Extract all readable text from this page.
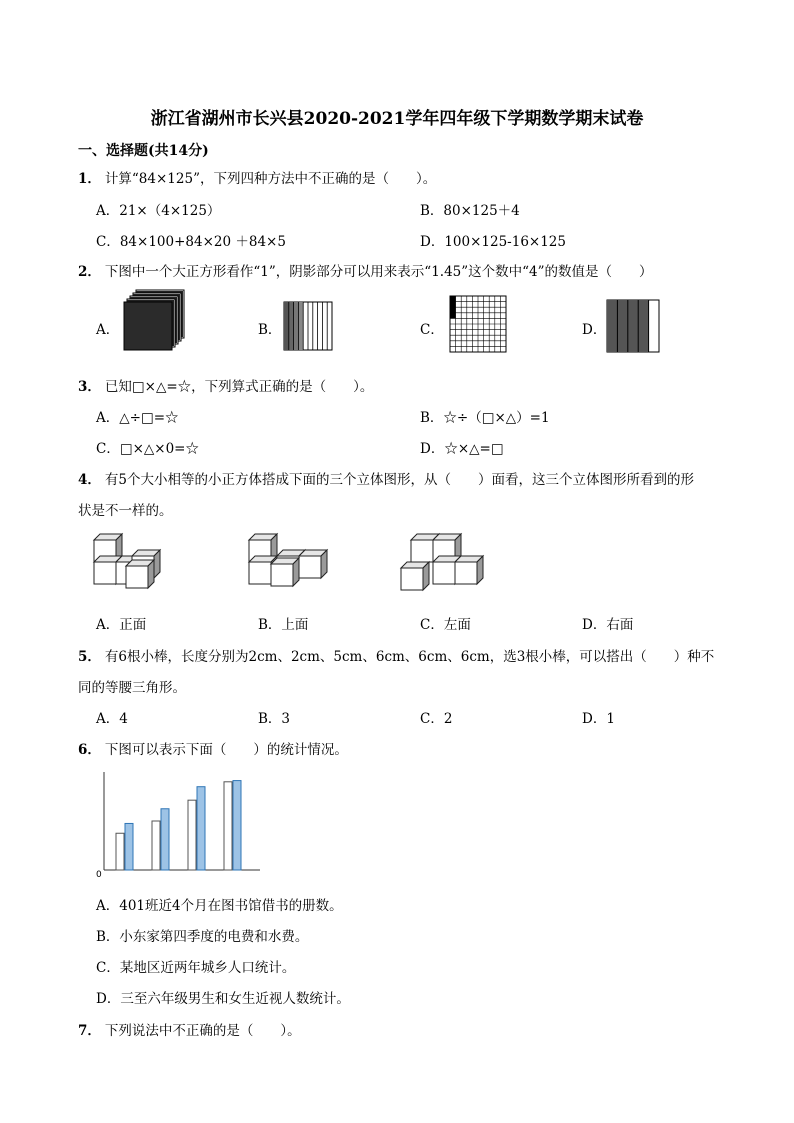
浙江省湖州市长兴县2020-2021学年四年级下学期数学期末试卷
一、选择题(共14分)
1． 计算“84×125”，下列四种方法中不正确的是（　　）。
A．21×（4×125）	B．80×125＋4
C．84×100+84×20 ＋84×5	D．100×125-16×125
2． 下图中一个大正方形看作“1”，阴影部分可以用来表示“1.45”这个数中“4”的数值是（　　）
A．	B．	C．	D．
3． 已知□×△=☆，下列算式正确的是（　　）。
A．△÷□=☆	B．☆÷（□×△）=1
C．□×△×0=☆	D．☆×△=□
4． 有5个大小相等的小正方体搭成下面的三个立体图形，从（　　）面看，这三个立体图形所看到的形
状是不一样的。
A．正面	B．上面	C．左面	D．右面
5． 有6根小棒，长度分别为2cm、2cm、5cm、6cm、6cm、6cm，选3根小棒，可以搭出（　　）种不
同的等腰三角形。
A．4	B．3	C．2	D．1
6． 下图可以表示下面（　　）的统计情况。
0
A．401班近4个月在图书馆借书的册数。
B．小东家第四季度的电费和水费。
C．某地区近两年城乡人口统计。
D．三至六年级男生和女生近视人数统计。
7． 下列说法中不正确的是（　　）。
